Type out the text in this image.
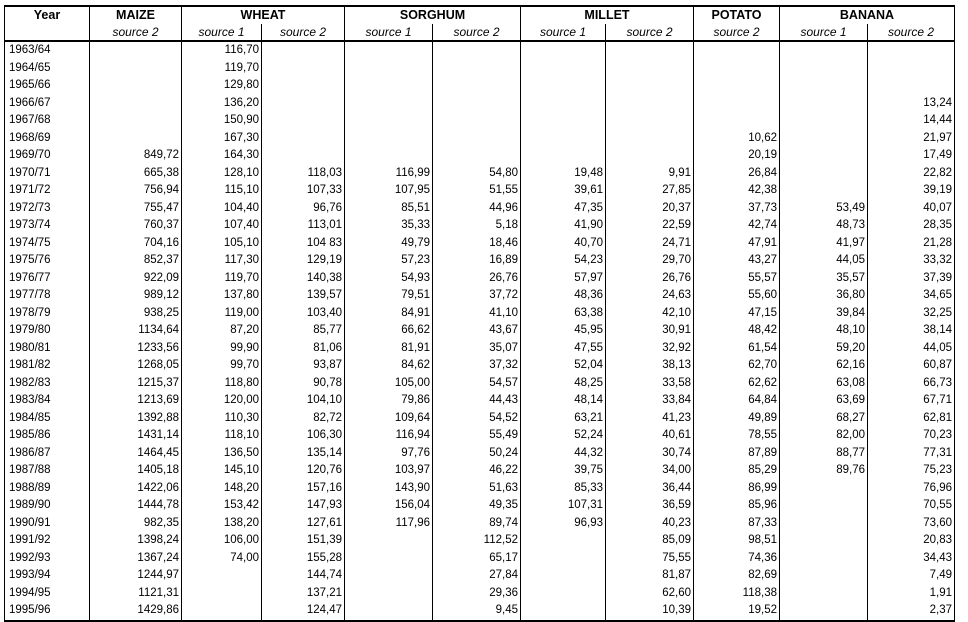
Year	MAIZE	WHEAT		SORGHUM		MILLET		POTATO	BANANA	
	source 2	source 1	source 2	source 1	source 2	source 1	source 2	source 2	source 1	source 2
1963/64		116,70								
1964/65		119,70								
1965/66		129,80								
1966/67		136,20								13,24
1967/68		150,90								14,44
1968/69		167,30						10,62		21,97
1969/70	849,72	164,30						20,19		17,49
1970/71	665,38	128,10	118,03	116,99	54,80	19,48	9,91	26,84		22,82
1971/72	756,94	115,10	107,33	107,95	51,55	39,61	27,85	42,38		39,19
1972/73	755,47	104,40	96,76	85,51	44,96	47,35	20,37	37,73	53,49	40,07
1973/74	760,37	107,40	113,01	35,33	5,18	41,90	22,59	42,74	48,73	28,35
1974/75	704,16	105,10	104 83	49,79	18,46	40,70	24,71	47,91	41,97	21,28
1975/76	852,37	117,30	129,19	57,23	16,89	54,23	29,70	43,27	44,05	33,32
1976/77	922,09	119,70	140,38	54,93	26,76	57,97	26,76	55,57	35,57	37,39
1977/78	989,12	137,80	139,57	79,51	37,72	48,36	24,63	55,60	36,80	34,65
1978/79	938,25	119,00	103,40	84,91	41,10	63,38	42,10	47,15	39,84	32,25
1979/80	1134,64	87,20	85,77	66,62	43,67	45,95	30,91	48,42	48,10	38,14
1980/81	1233,56	99,90	81,06	81,91	35,07	47,55	32,92	61,54	59,20	44,05
1981/82	1268,05	99,70	93,87	84,62	37,32	52,04	38,13	62,70	62,16	60,87
1982/83	1215,37	118,80	90,78	105,00	54,57	48,25	33,58	62,62	63,08	66,73
1983/84	1213,69	120,00	104,10	79,86	44,43	48,14	33,84	64,84	63,69	67,71
1984/85	1392,88	110,30	82,72	109,64	54,52	63,21	41,23	49,89	68,27	62,81
1985/86	1431,14	118,10	106,30	116,94	55,49	52,24	40,61	78,55	82,00	70,23
1986/87	1464,45	136,50	135,14	97,76	50,24	44,32	30,74	87,89	88,77	77,31
1987/88	1405,18	145,10	120,76	103,97	46,22	39,75	34,00	85,29	89,76	75,23
1988/89	1422,06	148,20	157,16	143,90	51,63	85,33	36,44	86,99		76,96
1989/90	1444,78	153,42	147,93	156,04	49,35	107,31	36,59	85,96		70,55
1990/91	982,35	138,20	127,61	117,96	89,74	96,93	40,23	87,33		73,60
1991/92	1398,24	106,00	151,39		112,52		85,09	98,51		20,83
1992/93	1367,24	74,00	155,28		65,17		75,55	74,36		34,43
1993/94	1244,97		144,74		27,84		81,87	82,69		7,49
1994/95	1121,31		137,21		29,36		62,60	118,38		1,91
1995/96	1429,86		124,47		9,45		10,39	19,52		2,37
